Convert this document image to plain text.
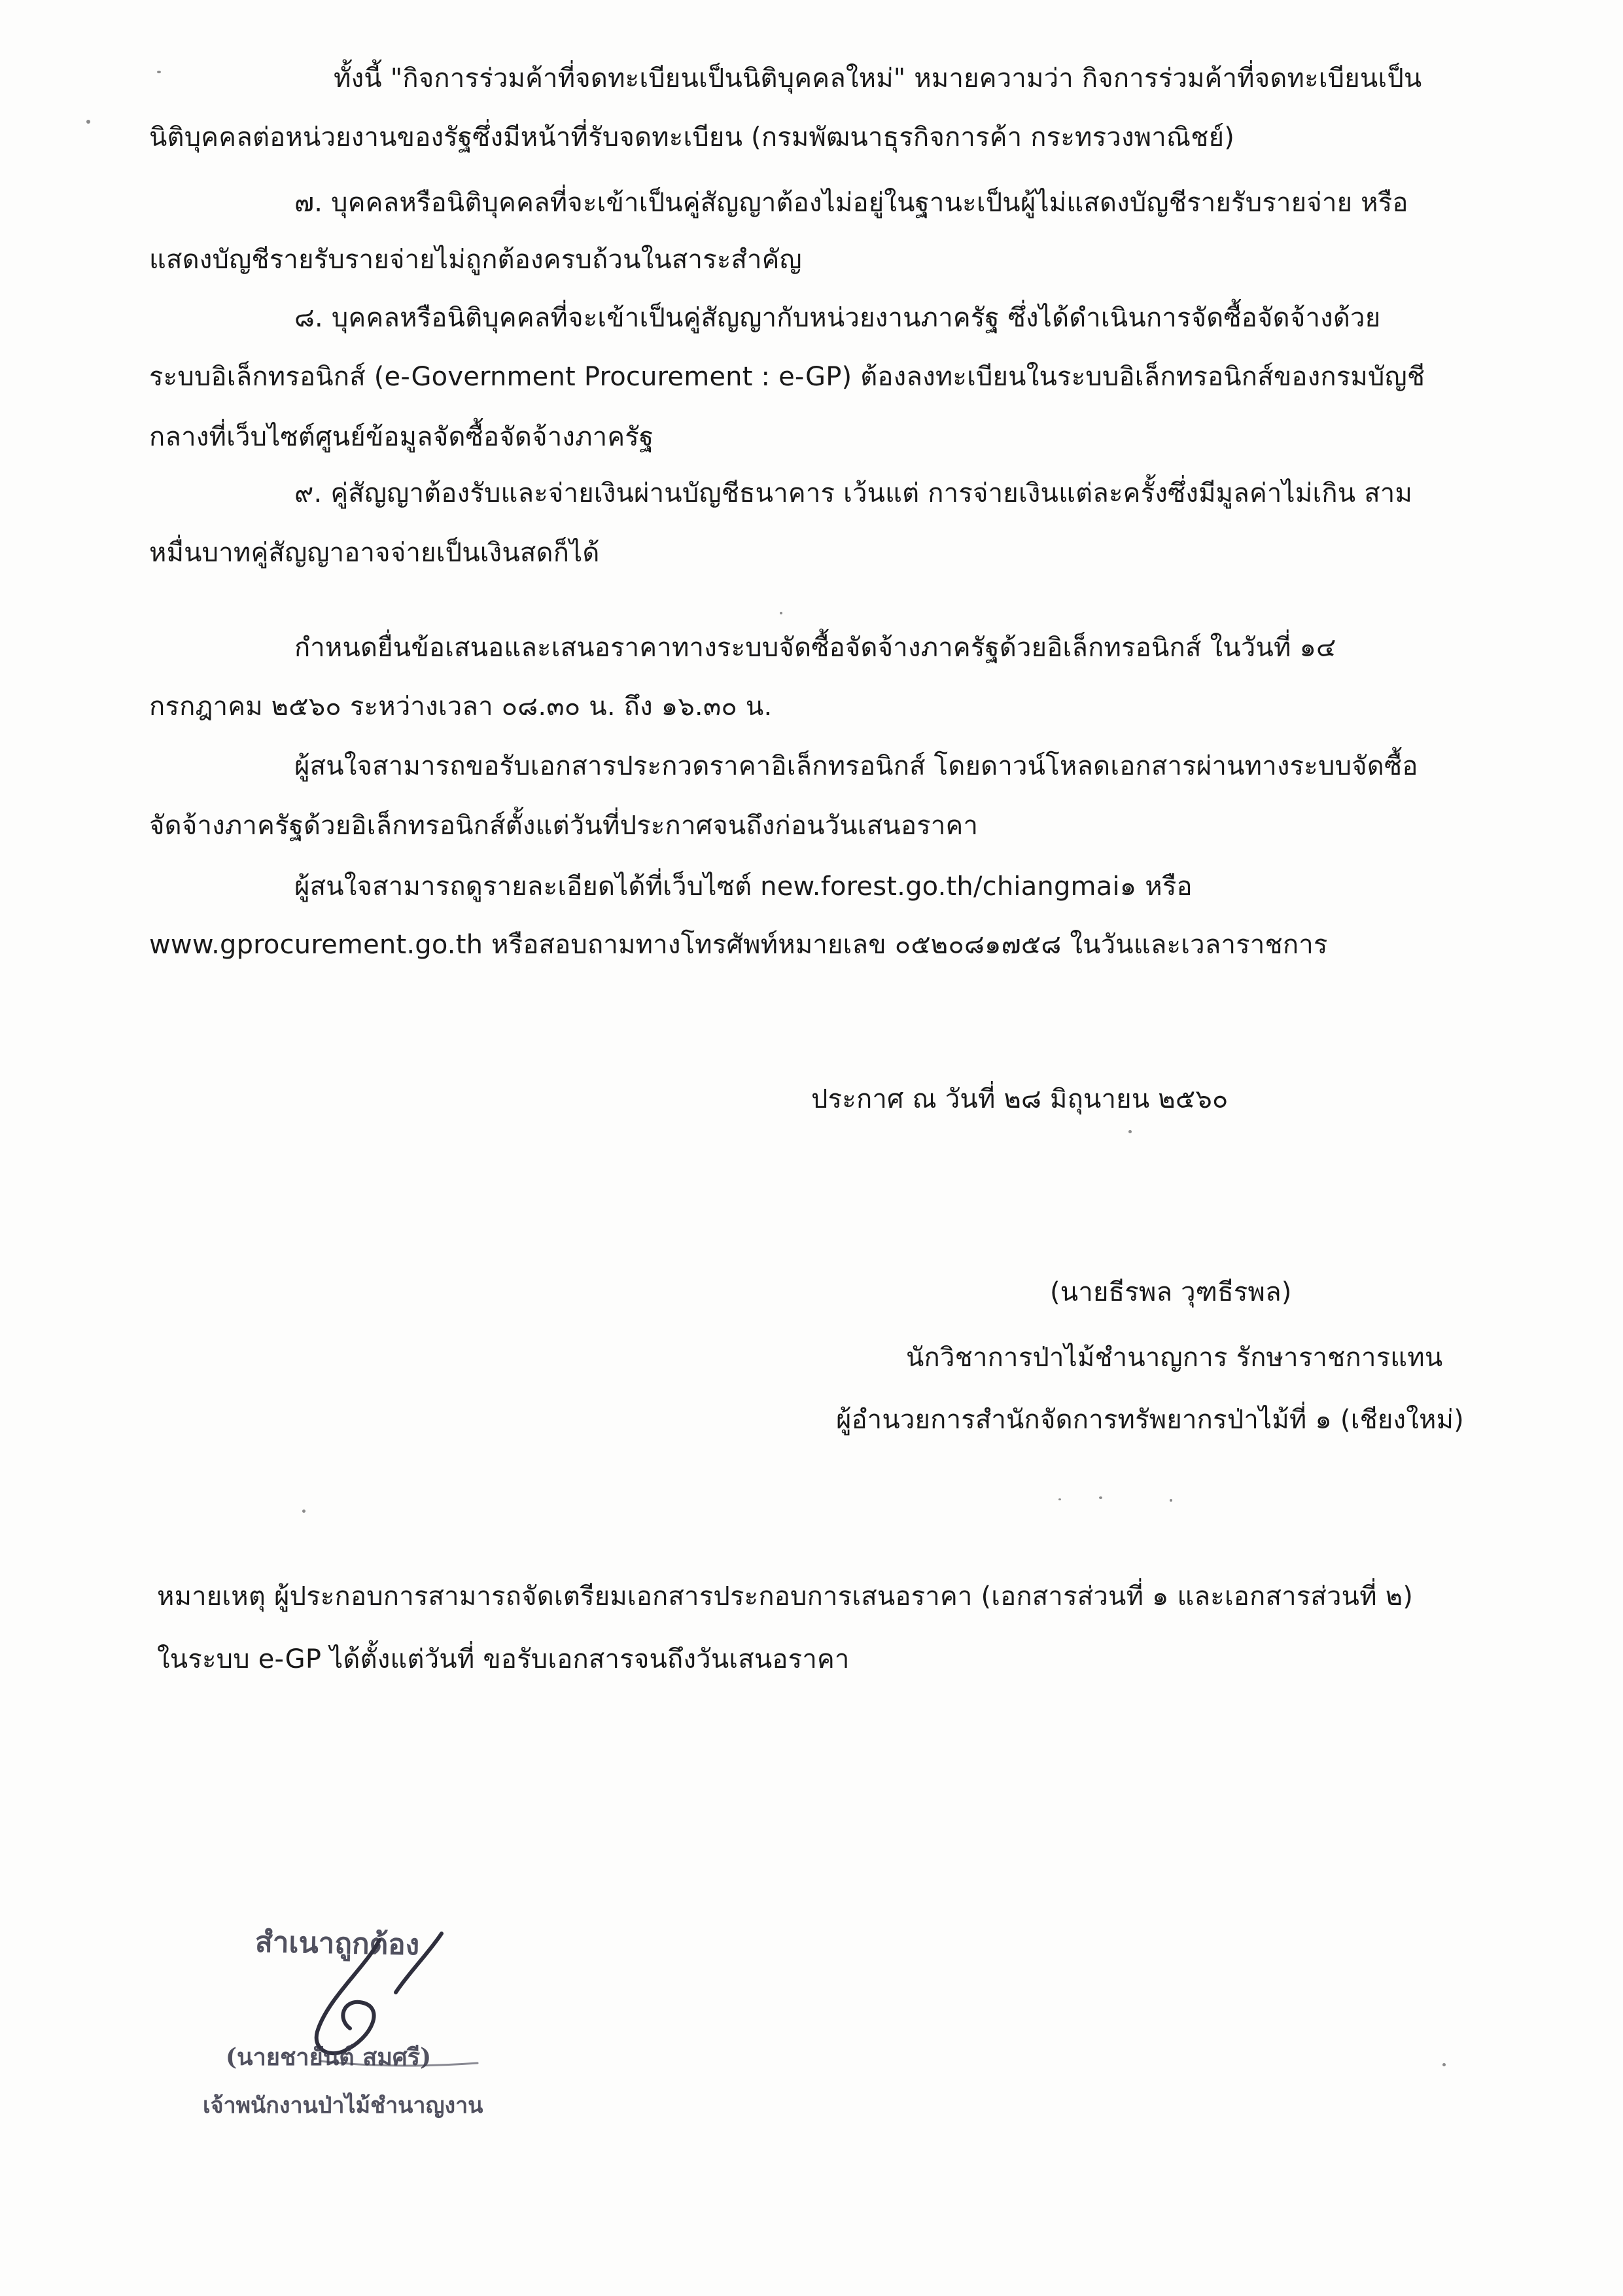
ทั้งนี้ "กิจการร่วมค้าที่จดทะเบียนเป็นนิติบุคคลใหม่" หมายความว่า กิจการร่วมค้าที่จดทะเบียนเป็น
นิติบุคคลต่อหน่วยงานของรัฐซึ่งมีหน้าที่รับจดทะเบียน (กรมพัฒนาธุรกิจการค้า กระทรวงพาณิชย์)
๗. บุคคลหรือนิติบุคคลที่จะเข้าเป็นคู่สัญญาต้องไม่อยู่ในฐานะเป็นผู้ไม่แสดงบัญชีรายรับรายจ่าย หรือ
แสดงบัญชีรายรับรายจ่ายไม่ถูกต้องครบถ้วนในสาระสำคัญ
๘. บุคคลหรือนิติบุคคลที่จะเข้าเป็นคู่สัญญากับหน่วยงานภาครัฐ ซึ่งได้ดำเนินการจัดซื้อจัดจ้างด้วย
ระบบอิเล็กทรอนิกส์ (e-Government Procurement : e-GP) ต้องลงทะเบียนในระบบอิเล็กทรอนิกส์ของกรมบัญชี
กลางที่เว็บไซต์ศูนย์ข้อมูลจัดซื้อจัดจ้างภาครัฐ
๙. คู่สัญญาต้องรับและจ่ายเงินผ่านบัญชีธนาคาร เว้นแต่ การจ่ายเงินแต่ละครั้งซึ่งมีมูลค่าไม่เกิน สาม
หมื่นบาทคู่สัญญาอาจจ่ายเป็นเงินสดก็ได้
กำหนดยื่นข้อเสนอและเสนอราคาทางระบบจัดซื้อจัดจ้างภาครัฐด้วยอิเล็กทรอนิกส์ ในวันที่ ๑๔
กรกฎาคม ๒๕๖๐ ระหว่างเวลา ๐๘.๓๐ น. ถึง ๑๖.๓๐ น.
ผู้สนใจสามารถขอรับเอกสารประกวดราคาอิเล็กทรอนิกส์ โดยดาวน์โหลดเอกสารผ่านทางระบบจัดซื้อ
จัดจ้างภาครัฐด้วยอิเล็กทรอนิกส์ตั้งแต่วันที่ประกาศจนถึงก่อนวันเสนอราคา
ผู้สนใจสามารถดูรายละเอียดได้ที่เว็บไซต์ new.forest.go.th/chiangmai๑ หรือ
www.gprocurement.go.th หรือสอบถามทางโทรศัพท์หมายเลข ๐๕๒๐๘๑๗๕๘ ในวันและเวลาราชการ
ประกาศ ณ วันที่ ๒๘ มิถุนายน ๒๕๖๐
(นายธีรพล วุฑธีรพล)
นักวิชาการป่าไม้ชำนาญการ รักษาราชการแทน
ผู้อำนวยการสำนักจัดการทรัพยากรป่าไม้ที่ ๑ (เชียงใหม่)
หมายเหตุ ผู้ประกอบการสามารถจัดเตรียมเอกสารประกอบการเสนอราคา (เอกสารส่วนที่ ๑ และเอกสารส่วนที่ ๒)
ในระบบ e-GP ได้ตั้งแต่วันที่ ขอรับเอกสารจนถึงวันเสนอราคา
สำเนาถูกต้อง
(นายชายันต์ สมศรี)
เจ้าพนักงานป่าไม้ชำนาญงาน
